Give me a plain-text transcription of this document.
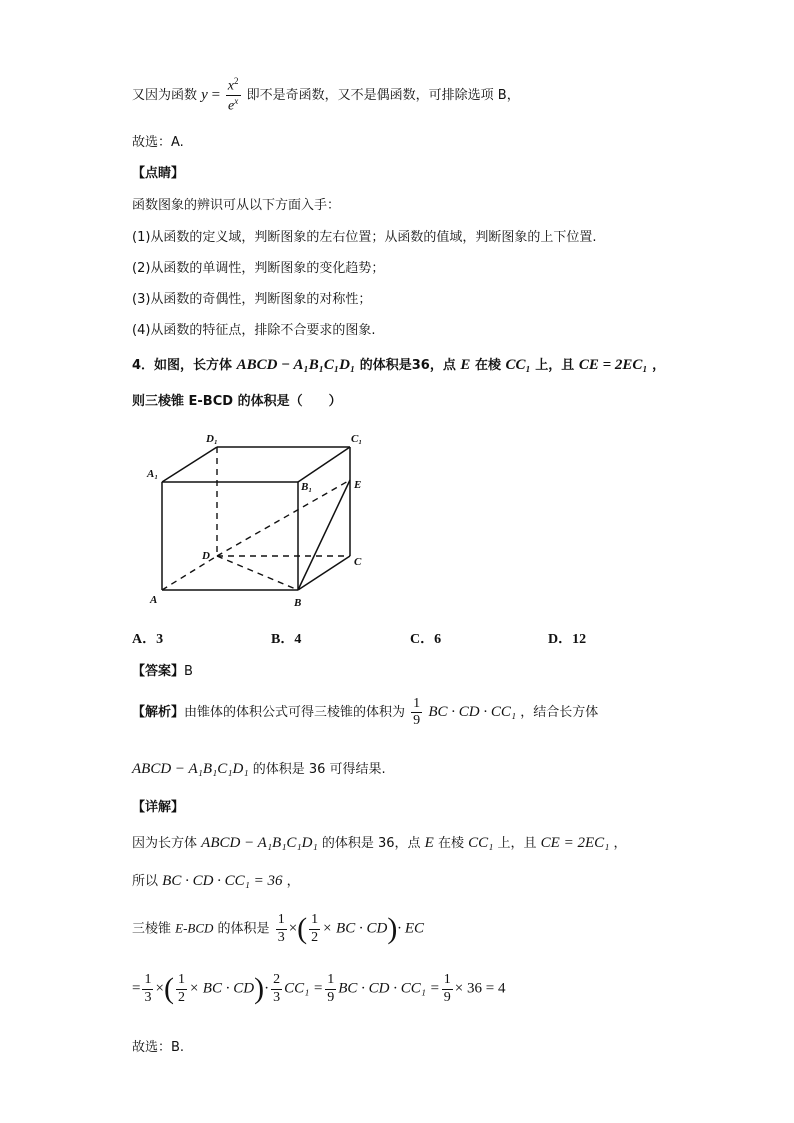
又因为函数 $y = \frac{x^2}{e^x}$ 即不是奇函数，又不是偶函数，可排除选项 B，
故选：A.
【点睛】
函数图象的辨识可从以下方面入手：
(1)从函数的定义域，判断图象的左右位置；从函数的值域，判断图象的上下位置.
(2)从函数的单调性，判断图象的变化趋势；
(3)从函数的奇偶性，判断图象的对称性；
(4)从函数的特征点，排除不合要求的图象.
4．如图，长方体 ABCD − A₁B₁C₁D₁ 的体积是36，点 E 在棱 CC₁ 上，且 CE = 2EC₁ ，
则三棱锥 E-BCD 的体积是（　　）
D₁	C₁
A₁
B₁	E
D	C
A	B
A．3	B．4	C．6	D．12
【答案】B
【解析】由锥体的体积公式可得三棱锥的体积为 $\frac{1}{9}$ BC · CD · CC₁ ，结合长方体
ABCD − A₁B₁C₁D₁ 的体积是 36 可得结果.
【详解】
因为长方体 ABCD − A₁B₁C₁D₁ 的体积是 36，点 E 在棱 CC₁ 上，且 CE = 2EC₁ ，
所以 BC · CD · CC₁ = 36 ，
三棱锥 E-BCD 的体积是 $\frac{1}{3}$ ×( $\frac{1}{2}$ × BC · CD)· EC
= $\frac{1}{3}$ ×( $\frac{1}{2}$ × BC · $CD)\cdot \frac{2}{3} CC_1 = \frac{1}{9}$ BC · CD · $CC_1 = \frac{1}{9} \times 36 = 4$
故选：B.
